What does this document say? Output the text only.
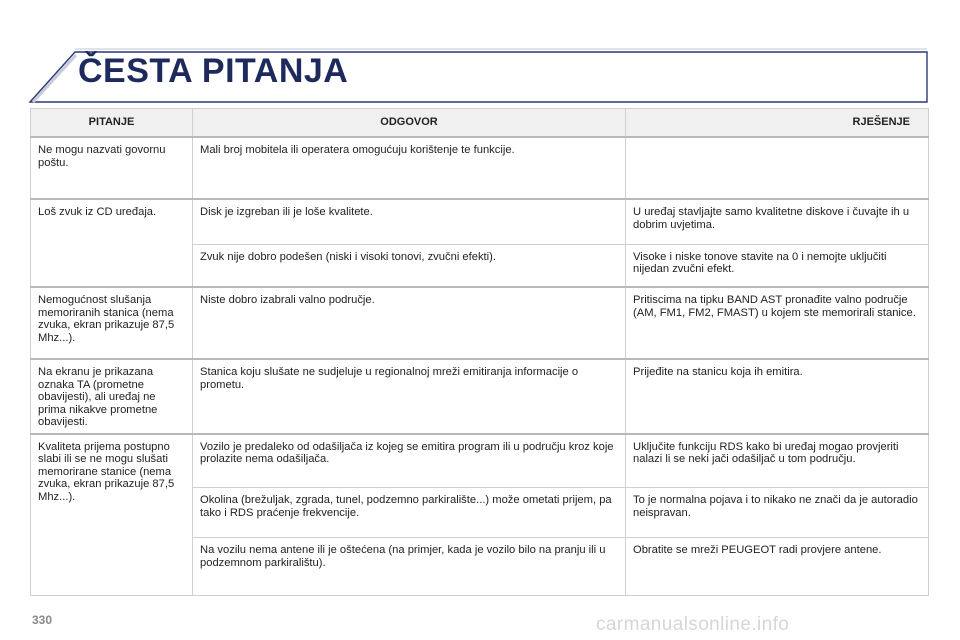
ČESTA PITANJA
PITANJE	ODGOVOR	RJEŠENJE
Ne mogu nazvati govornu poštu.	Mali broj mobitela ili operatera omogućuju korištenje te funkcije.	
Loš zvuk iz CD uređaja.	Disk je izgreban ili je loše kvalitete.	U uređaj stavljajte samo kvalitetne diskove i čuvajte ih u dobrim uvjetima.
	Zvuk nije dobro podešen (niski i visoki tonovi, zvučni efekti).	Visoke i niske tonove stavite na 0 i nemojte uključiti nijedan zvučni efekt.
Nemogućnost slušanja memoriranih stanica (nema zvuka, ekran prikazuje 87,5 Mhz...).	Niste dobro izabrali valno područje.	Pritiscima na tipku BAND AST pronađite valno područje (AM, FM1, FM2, FMAST) u kojem ste memorirali stanice.
Na ekranu je prikazana oznaka TA (prometne obavijesti), ali uređaj ne prima nikakve prometne obavijesti.	Stanica koju slušate ne sudjeluje u regionalnoj mreži emitiranja informacije o prometu.	Prijeđite na stanicu koja ih emitira.
Kvaliteta prijema postupno slabi ili se ne mogu slušati memorirane stanice (nema zvuka, ekran prikazuje 87,5 Mhz...).	Vozilo je predaleko od odašiljača iz kojeg se emitira program ili u području kroz koje prolazite nema odašiljača.	Uključite funkciju RDS kako bi uređaj mogao provjeriti nalazi li se neki jači odašiljač u tom području.
	Okolina (brežuljak, zgrada, tunel, podzemno parkiralište...) može ometati prijem, pa tako i RDS praćenje frekvencije.	To je normalna pojava i to nikako ne znači da je autoradio neispravan.
	Na vozilu nema antene ili je oštećena (na primjer, kada je vozilo bilo na pranju ili u podzemnom parkiralištu).	Obratite se mreži PEUGEOT radi provjere antene.
330	carmanualsonline.info
